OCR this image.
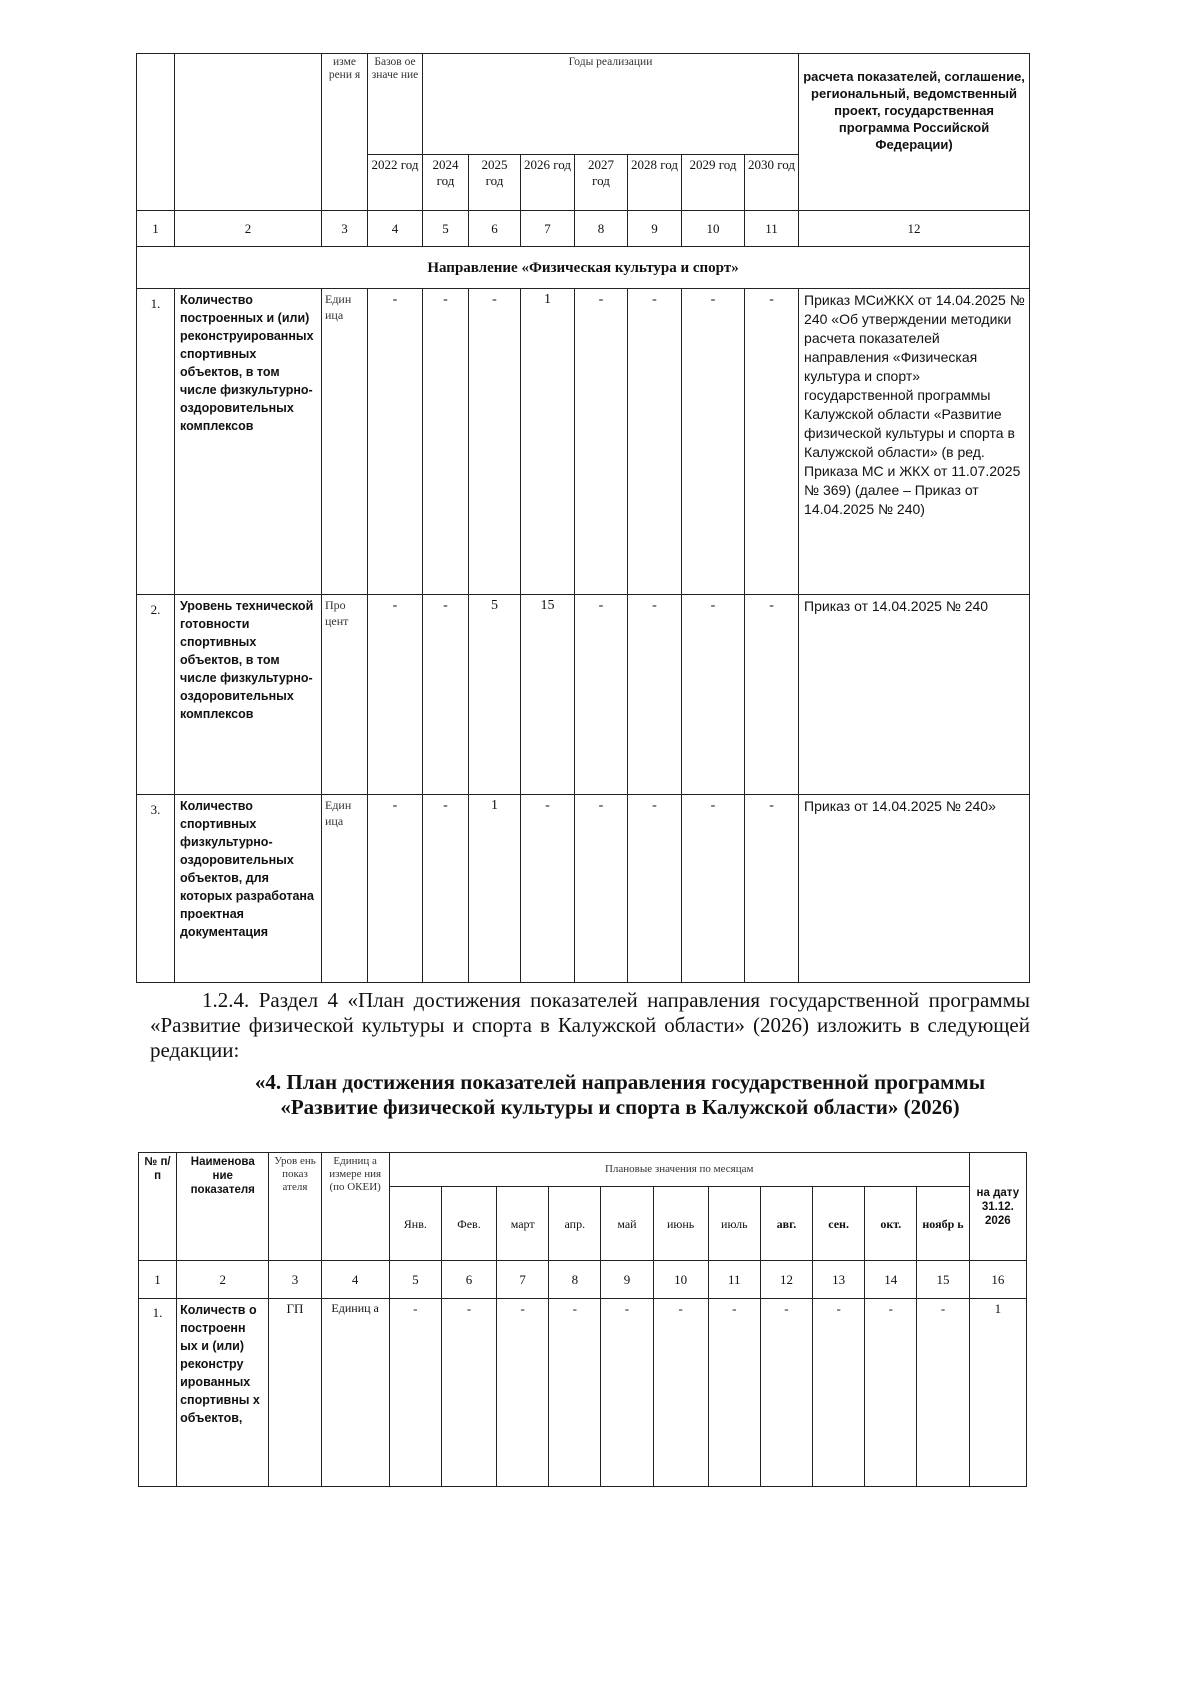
		изме рени я	Базов ое значе ние	Годы реализации							расчета показателей, соглашение, региональный, ведомственный проект, государственная программа Российской Федерации)
			2022 год	2024 год	2025 год	2026 год	2027 год	2028 год	2029 год	2030 год	
1	2	3	4	5	6	7	8	9	10	11	12
Направление «Физическая культура и спорт»											
1.	Количество построенных и (или) реконструированных спортивных объектов, в том числе физкультурно-оздоровительных комплексов	Един ица	-	-	-	1	-	-	-	-	Приказ МСиЖКХ от 14.04.2025 № 240 «Об утверждении методики расчета показателей направления «Физическая культура и спорт» государственной программы Калужской области «Развитие физической культуры и спорта в Калужской области» (в ред. Приказа МС и ЖКХ от 11.07.2025 № 369) (далее – Приказ от 14.04.2025 № 240)
2.	Уровень технической готовности спортивных объектов, в том числе физкультурно-оздоровительных комплексов	Про цент	-	-	5	15	-	-	-	-	Приказ от 14.04.2025 № 240
3.	Количество спортивных физкультурно-оздоровительных объектов, для которых разработана проектная документация	Един ица	-	-	1	-	-	-	-	-	Приказ от 14.04.2025 № 240»

1.2.4. Раздел 4 «План достижения показателей направления государственной программы «Развитие физической культуры и спорта в Калужской области» (2026) изложить в следующей редакции:

«4. План достижения показателей направления государственной программы «Развитие физической культуры и спорта в Калужской области» (2026)

№ п/п	Наименова ние показателя	Уров ень показ ателя	Единиц а измере ния (по ОКЕИ)	Плановые значения по месяцам											на дату 31.12. 2026
				Янв.	Фев.	март	апр.	май	июнь	июль	авг.	сен.	окт.	ноябр ь	
1	2	3	4	5	6	7	8	9	10	11	12	13	14	15	16
1.	Количеств о построенн ых и (или) реконстру ированных спортивны х объектов,	ГП	Единиц а	-	-	-	-	-	-	-	-	-	-	-	1
